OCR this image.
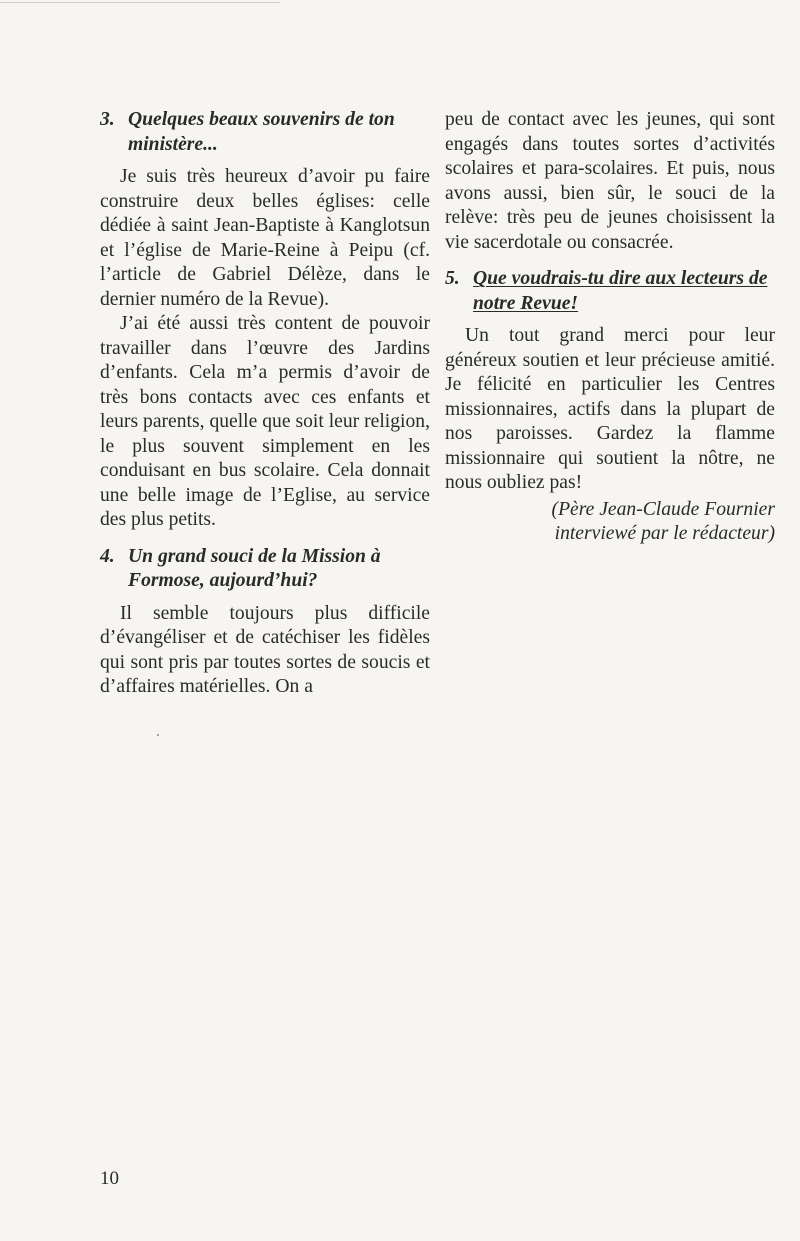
3. Quelques beaux souvenirs de ton ministère...

Je suis très heureux d’avoir pu faire construire deux belles églises: celle dédiée à saint Jean-Baptiste à Kanglotsun et l’église de Marie-Reine à Peipu (cf. l’article de Gabriel Délèze, dans le dernier numéro de la Revue).

J’ai été aussi très content de pouvoir travailler dans l’œuvre des Jardins d’enfants. Cela m’a permis d’avoir de très bons contacts avec ces enfants et leurs parents, quelle que soit leur religion, le plus souvent simplement en les conduisant en bus scolaire. Cela donnait une belle image de l’Eglise, au service des plus petits.

4. Un grand souci de la Mission à Formose, aujourd’hui?

Il semble toujours plus difficile d’évangéliser et de catéchiser les fidèles qui sont pris par toutes sortes de soucis et d’affaires matérielles. On a

peu de contact avec les jeunes, qui sont engagés dans toutes sortes d’activités scolaires et para-scolaires. Et puis, nous avons aussi, bien sûr, le souci de la relève: très peu de jeunes choisissent la vie sacerdotale ou consacrée.

5. Que voudrais-tu dire aux lecteurs de notre Revue!

Un tout grand merci pour leur généreux soutien et leur précieuse amitié. Je félicité en particulier les Centres missionnaires, actifs dans la plupart de nos paroisses. Gardez la flamme missionnaire qui soutient la nôtre, ne nous oubliez pas!

(Père Jean-Claude Fournier
interviewé par le rédacteur)
10
